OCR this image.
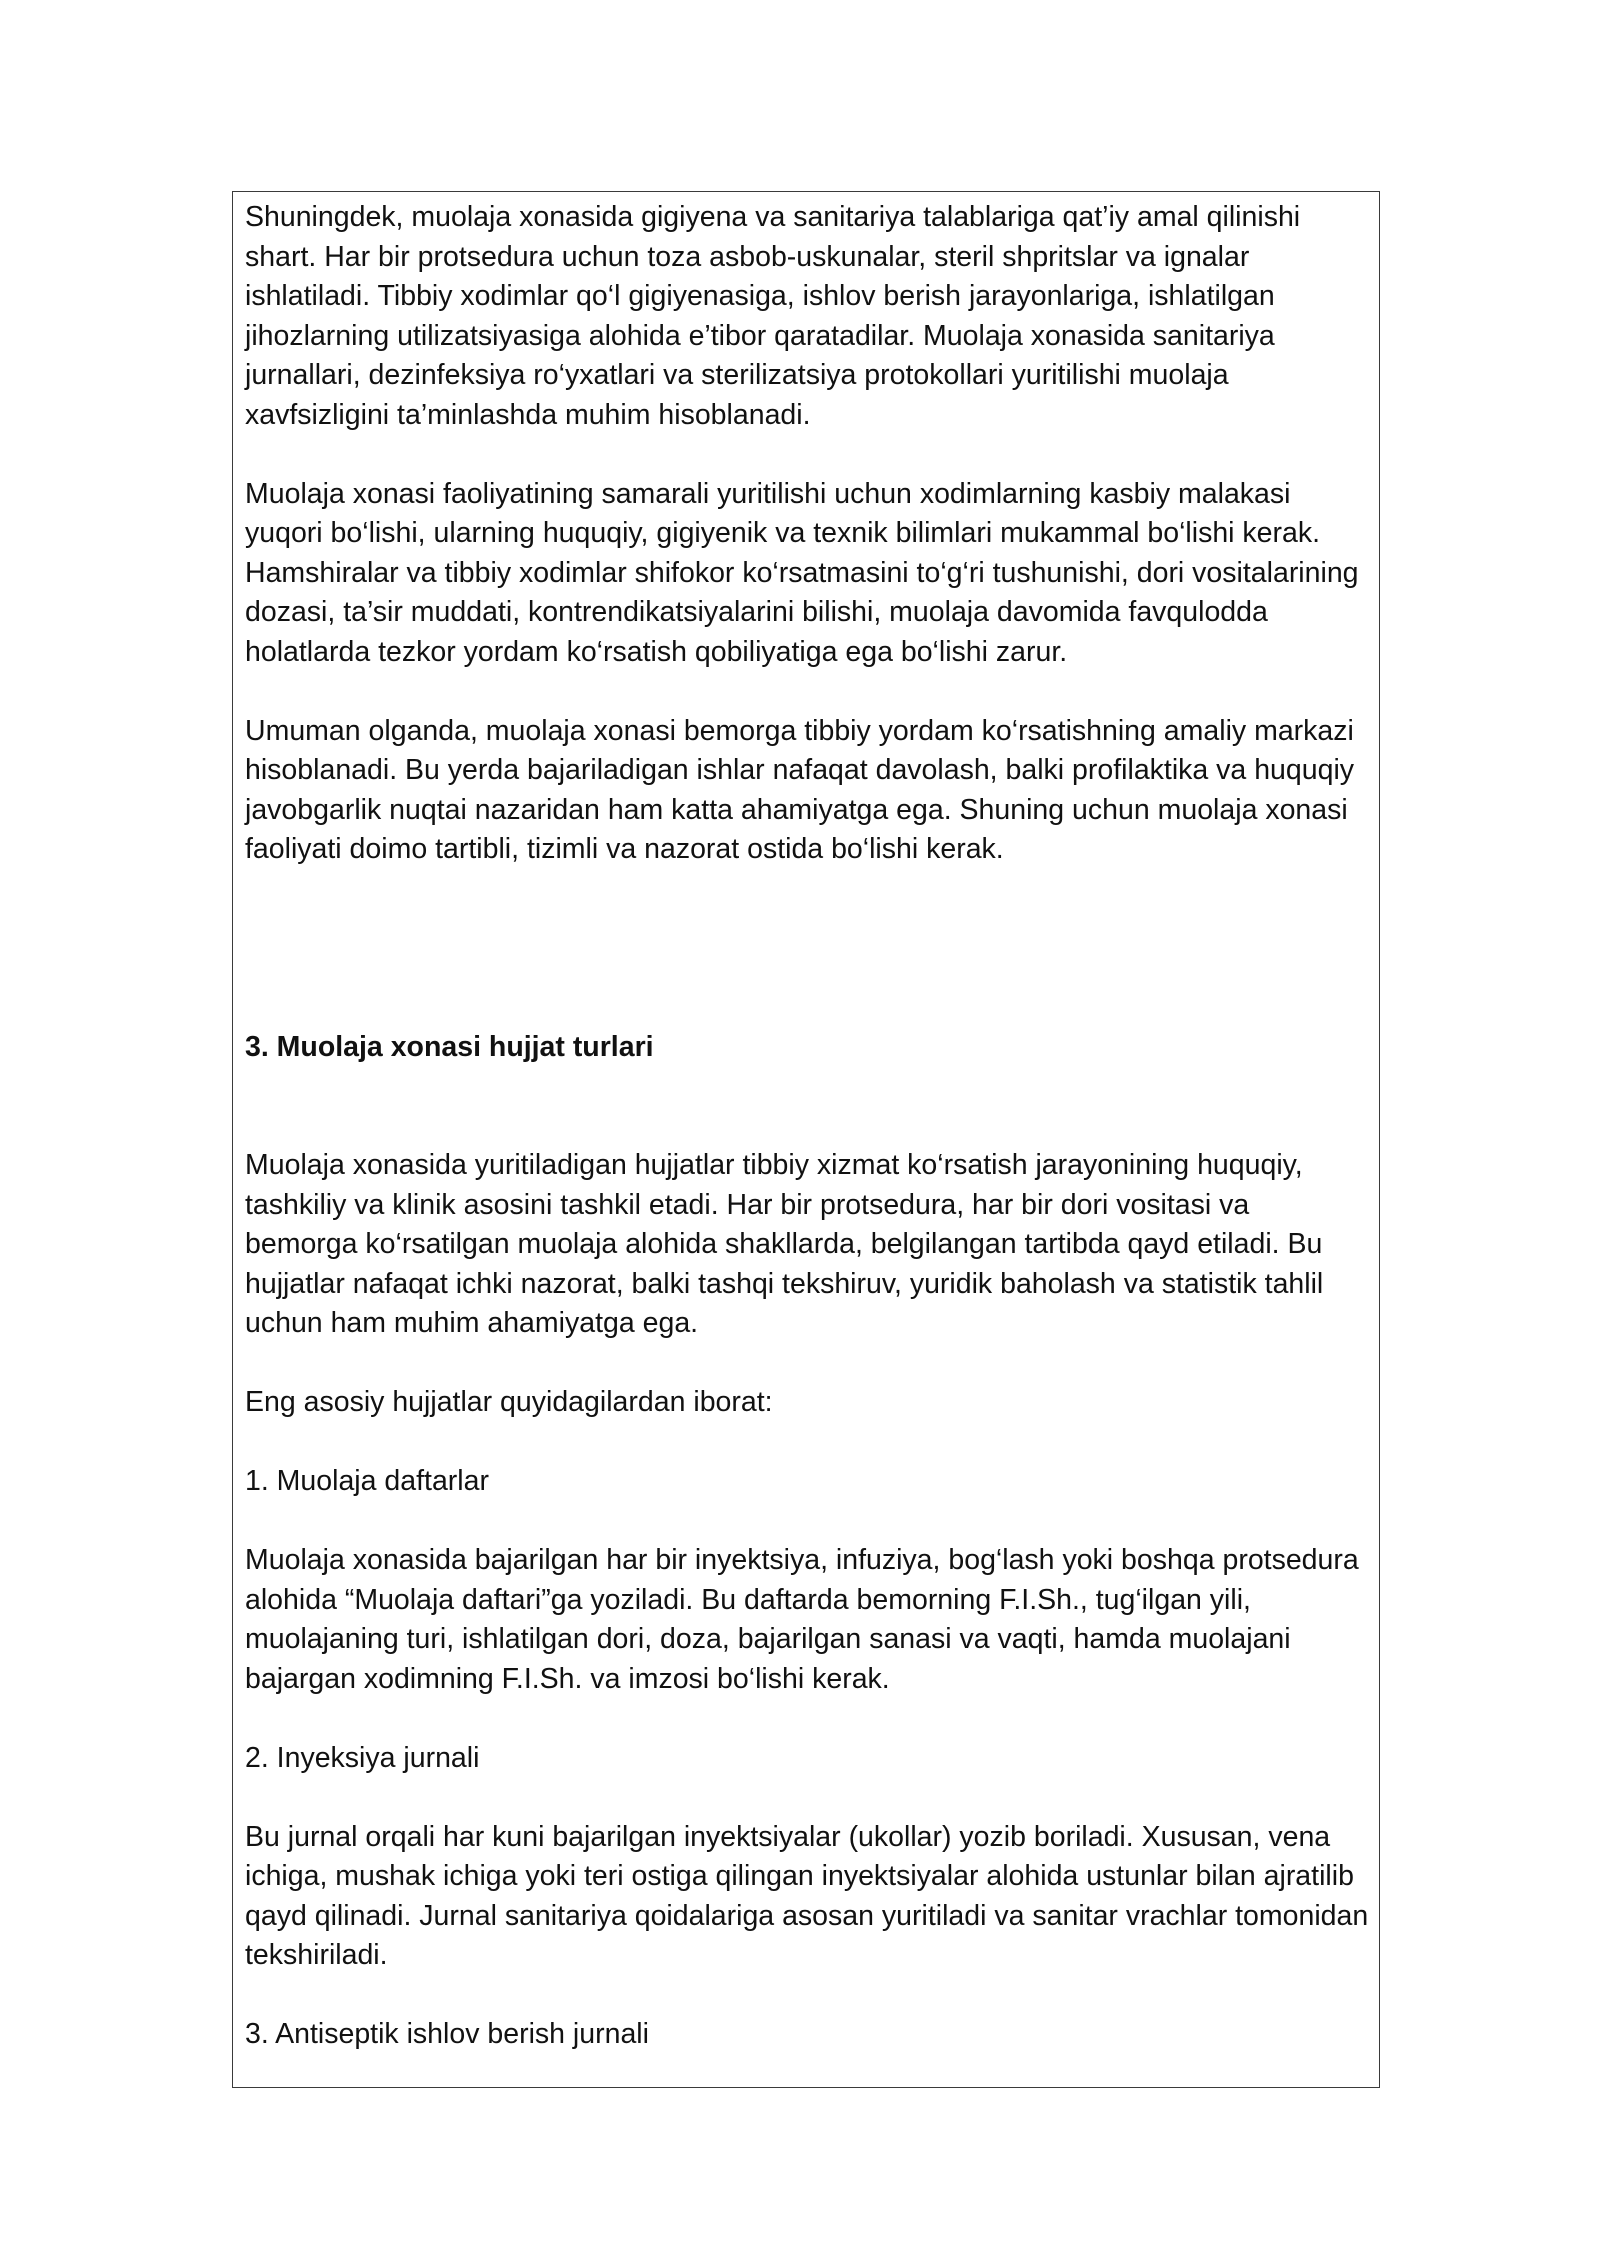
Shuningdek, muolaja xonasida gigiyena va sanitariya talablariga qat’iy amal qilinishi shart. Har bir protsedura uchun toza asbob-uskunalar, steril shpritslar va ignalar ishlatiladi. Tibbiy xodimlar qo‘l gigiyenasiga, ishlov berish jarayonlariga, ishlatilgan jihozlarning utilizatsiyasiga alohida e’tibor qaratadilar. Muolaja xonasida sanitariya jurnallari, dezinfeksiya ro‘yxatlari va sterilizatsiya protokollari yuritilishi muolaja xavfsizligini ta’minlashda muhim hisoblanadi.

Muolaja xonasi faoliyatining samarali yuritilishi uchun xodimlarning kasbiy malakasi yuqori bo‘lishi, ularning huquqiy, gigiyenik va texnik bilimlari mukammal bo‘lishi kerak. Hamshiralar va tibbiy xodimlar shifokor ko‘rsatmasini to‘g‘ri tushunishi, dori vositalarining dozasi, ta’sir muddati, kontrendikatsiyalarini bilishi, muolaja davomida favqulodda holatlarda tezkor yordam ko‘rsatish qobiliyatiga ega bo‘lishi zarur.

Umuman olganda, muolaja xonasi bemorga tibbiy yordam ko‘rsatishning amaliy markazi hisoblanadi. Bu yerda bajariladigan ishlar nafaqat davolash, balki profilaktika va huquqiy javobgarlik nuqtai nazaridan ham katta ahamiyatga ega. Shuning uchun muolaja xonasi faoliyati doimo tartibli, tizimli va nazorat ostida bo‘lishi kerak.

3. Muolaja xonasi hujjat turlari

Muolaja xonasida yuritiladigan hujjatlar tibbiy xizmat ko‘rsatish jarayonining huquqiy, tashkiliy va klinik asosini tashkil etadi. Har bir protsedura, har bir dori vositasi va bemorga ko‘rsatilgan muolaja alohida shakllarda, belgilangan tartibda qayd etiladi. Bu hujjatlar nafaqat ichki nazorat, balki tashqi tekshiruv, yuridik baholash va statistik tahlil uchun ham muhim ahamiyatga ega.

Eng asosiy hujjatlar quyidagilardan iborat:

1. Muolaja daftarlar

Muolaja xonasida bajarilgan har bir inyektsiya, infuziya, bog‘lash yoki boshqa protsedura alohida “Muolaja daftari”ga yoziladi. Bu daftarda bemorning F.I.Sh., tug‘ilgan yili, muolajaning turi, ishlatilgan dori, doza, bajarilgan sanasi va vaqti, hamda muolajani bajargan xodimning F.I.Sh. va imzosi bo‘lishi kerak.

2. Inyeksiya jurnali

Bu jurnal orqali har kuni bajarilgan inyektsiyalar (ukollar) yozib boriladi. Xususan, vena ichiga, mushak ichiga yoki teri ostiga qilingan inyektsiyalar alohida ustunlar bilan ajratilib qayd qilinadi. Jurnal sanitariya qoidalariga asosan yuritiladi va sanitar vrachlar tomonidan tekshiriladi.

3. Antiseptik ishlov berish jurnali
